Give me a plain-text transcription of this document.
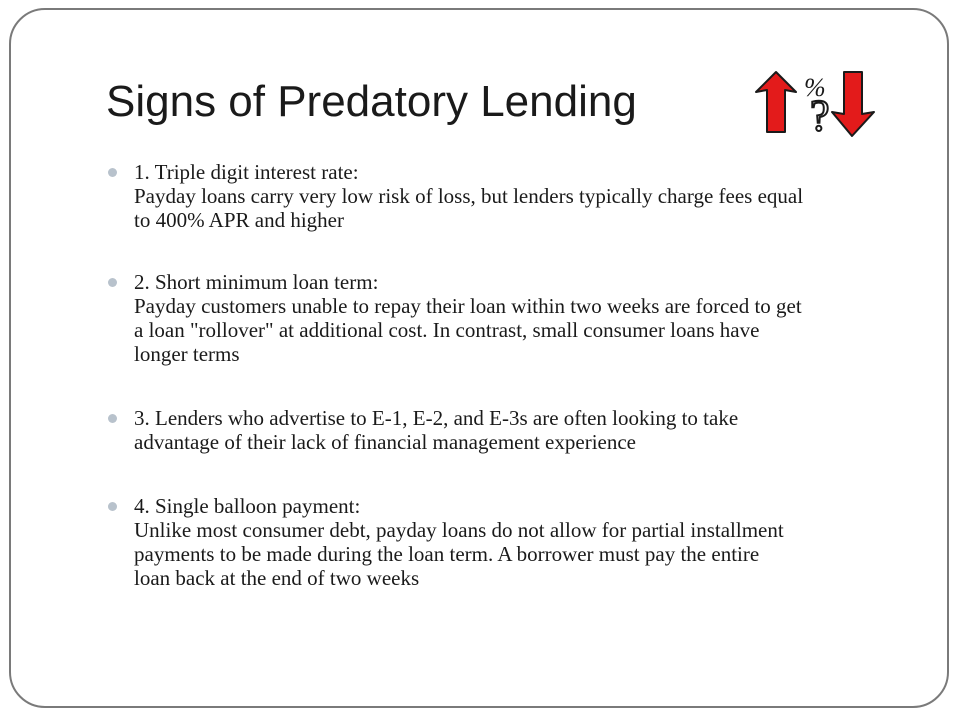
Signs of Predatory Lending	%
?
1. Triple digit interest rate:
Payday loans carry very low risk of loss, but lenders typically charge fees equal
to 400% APR and higher
2. Short minimum loan term:
Payday customers unable to repay their loan within two weeks are forced to get
a loan "rollover" at additional cost. In contrast, small consumer loans have
longer terms
3. Lenders who advertise to E-1, E-2, and E-3s are often looking to take
advantage of their lack of financial management experience
4. Single balloon payment:
Unlike most consumer debt, payday loans do not allow for partial installment
payments to be made during the loan term. A borrower must pay the entire
loan back at the end of two weeks
